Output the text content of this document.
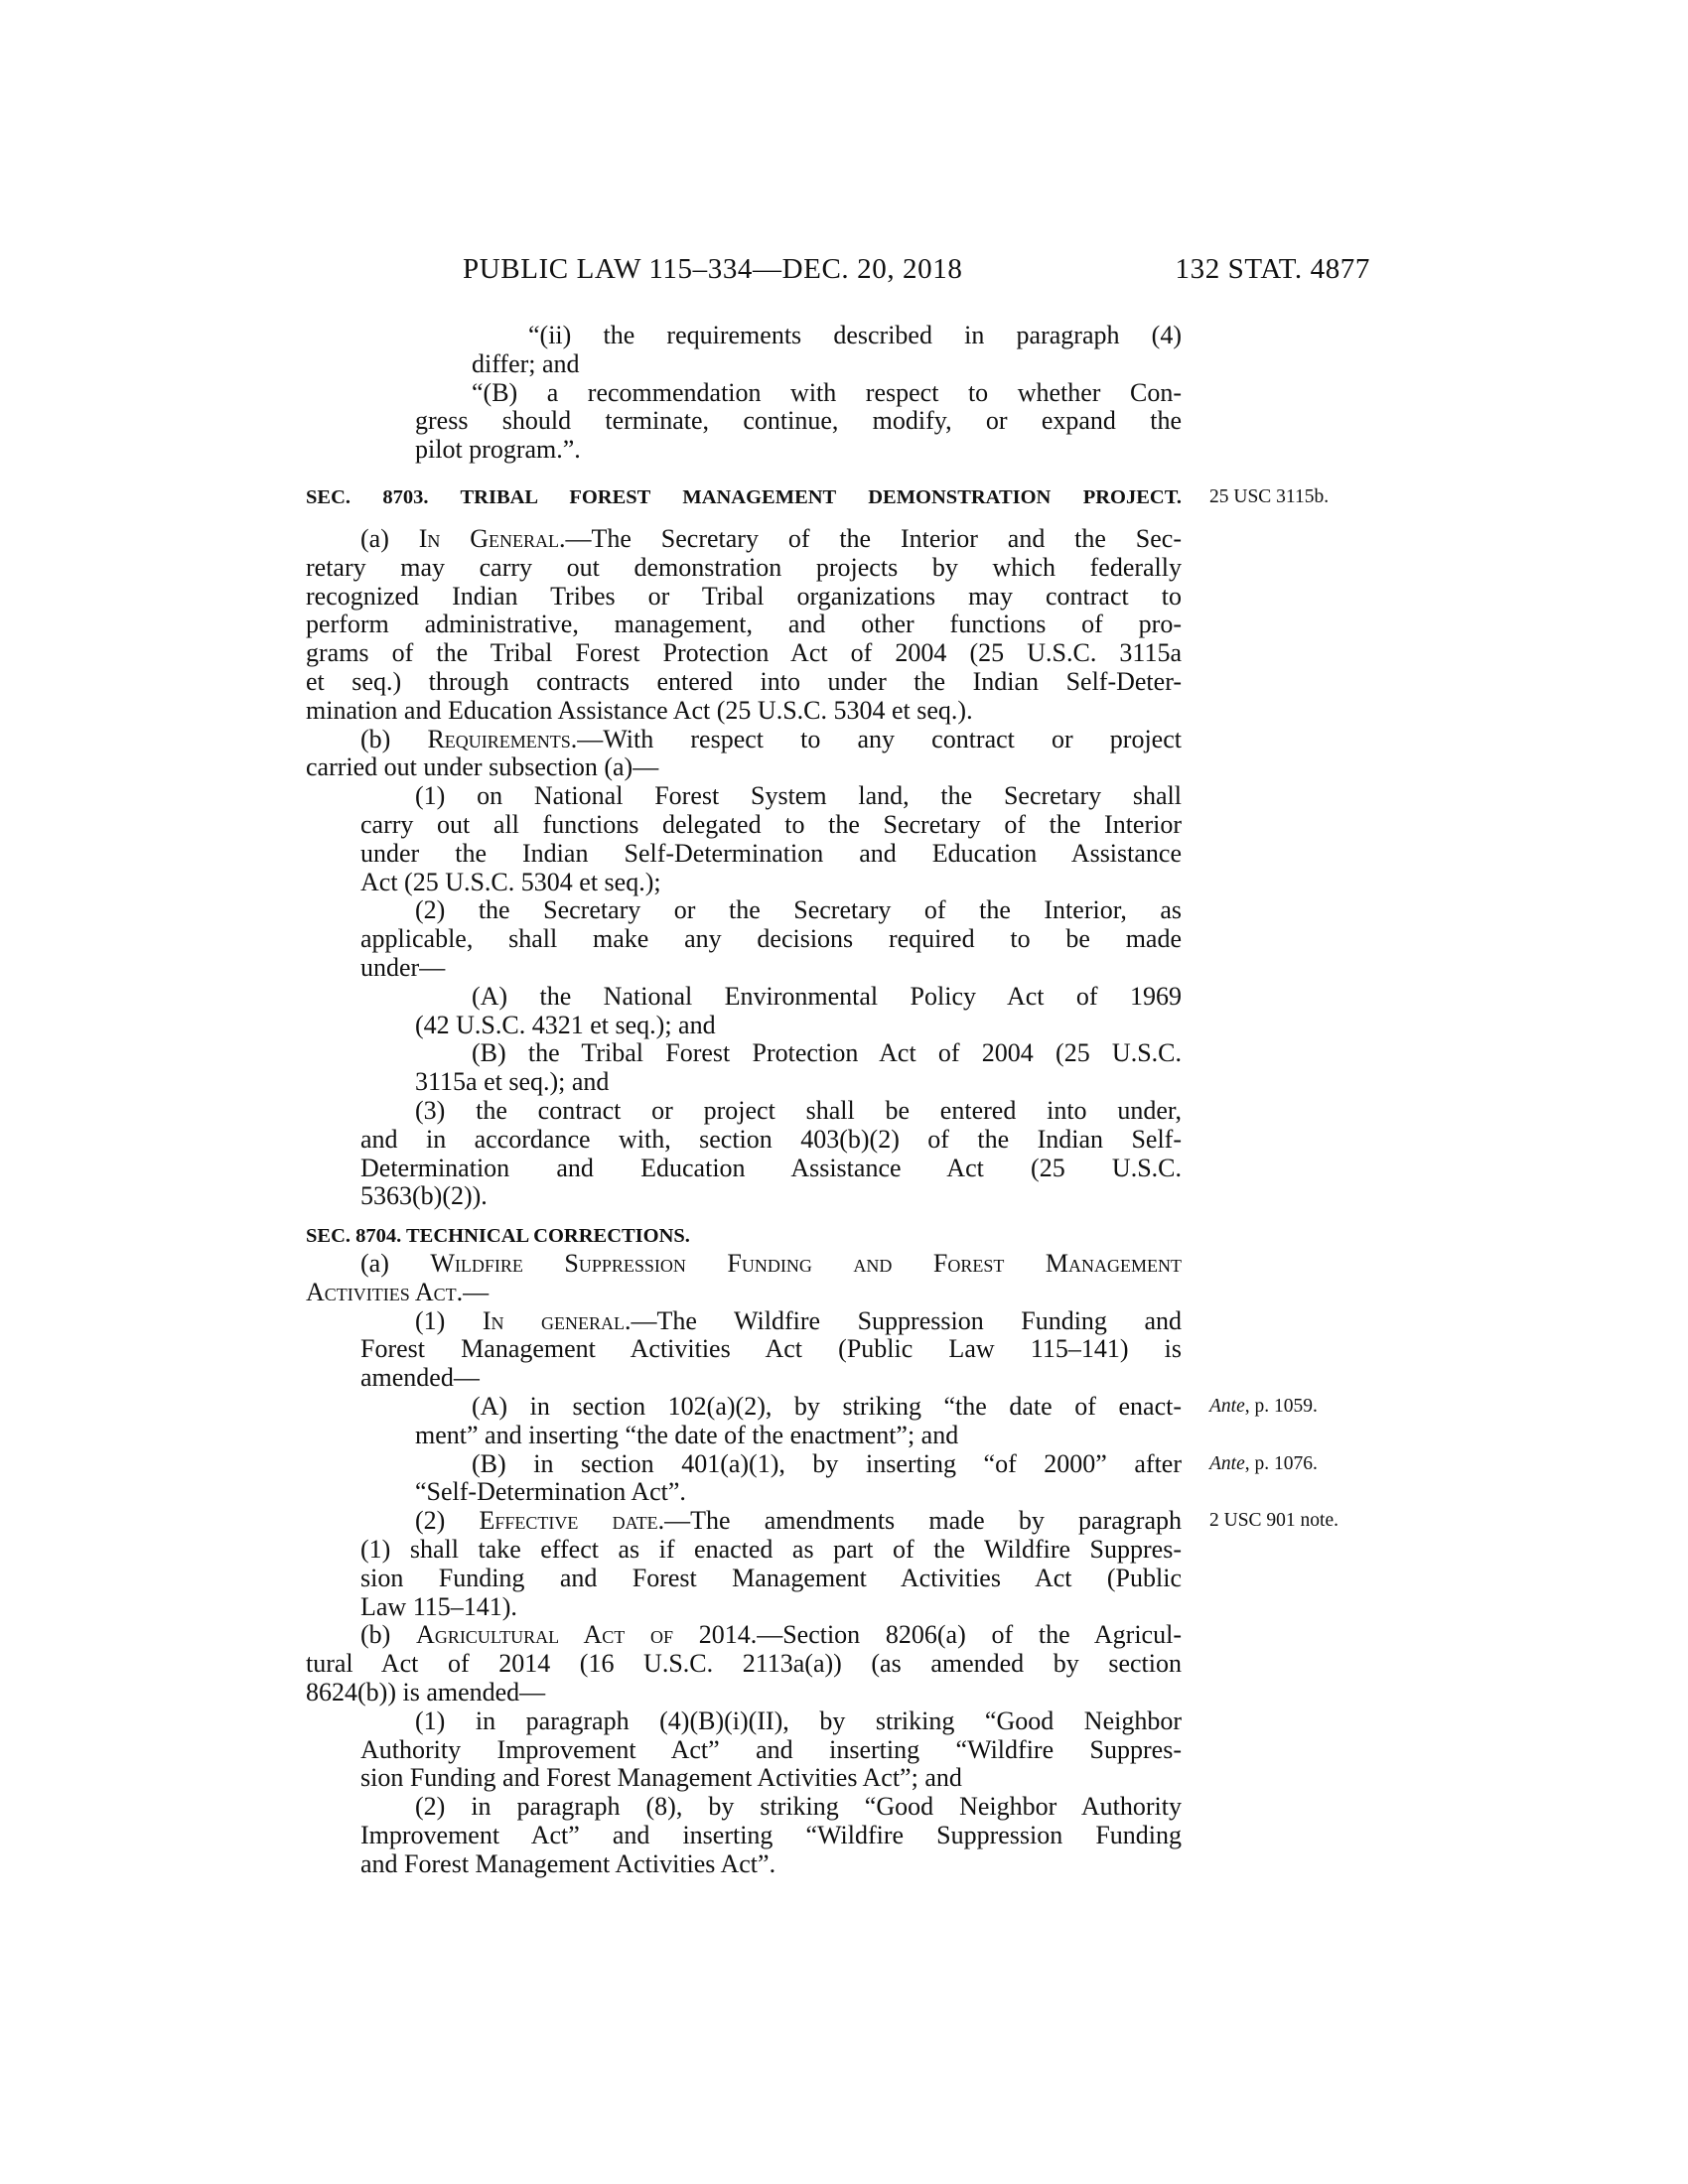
PUBLIC LAW 115–334—DEC. 20, 2018	132 STAT. 4877
“(ii) the requirements described in paragraph (4)
differ; and
“(B) a recommendation with respect to whether Con-
gress should terminate, continue, modify, or expand the
pilot program.”.
SEC. 8703. TRIBAL FOREST MANAGEMENT DEMONSTRATION PROJECT. 25 USC 3115b.
(a) In General.—The Secretary of the Interior and the Sec-
retary may carry out demonstration projects by which federally
recognized Indian Tribes or Tribal organizations may contract to
perform administrative, management, and other functions of pro-
grams of the Tribal Forest Protection Act of 2004 (25 U.S.C. 3115a
et seq.) through contracts entered into under the Indian Self-Deter-
mination and Education Assistance Act (25 U.S.C. 5304 et seq.).
(b) Requirements.—With respect to any contract or project
carried out under subsection (a)—
(1) on National Forest System land, the Secretary shall
carry out all functions delegated to the Secretary of the Interior
under the Indian Self-Determination and Education Assistance
Act (25 U.S.C. 5304 et seq.);
(2) the Secretary or the Secretary of the Interior, as
applicable, shall make any decisions required to be made
under—
(A) the National Environmental Policy Act of 1969
(42 U.S.C. 4321 et seq.); and
(B) the Tribal Forest Protection Act of 2004 (25 U.S.C.
3115a et seq.); and
(3) the contract or project shall be entered into under,
and in accordance with, section 403(b)(2) of the Indian Self-
Determination and Education Assistance Act (25 U.S.C.
5363(b)(2)).
SEC. 8704. TECHNICAL CORRECTIONS.
(a) Wildfire Suppression Funding and Forest Management
Activities Act.—
(1) In general.—The Wildfire Suppression Funding and
Forest Management Activities Act (Public Law 115–141) is
amended—
(A) in section 102(a)(2), by striking “the date of enact- Ante, p. 1059.
ment” and inserting “the date of the enactment”; and
(B) in section 401(a)(1), by inserting “of 2000” after Ante, p. 1076.
“Self-Determination Act”.
(2) Effective date.—The amendments made by paragraph 2 USC 901 note.
(1) shall take effect as if enacted as part of the Wildfire Suppres-
sion Funding and Forest Management Activities Act (Public
Law 115–141).
(b) Agricultural Act of 2014.—Section 8206(a) of the Agricul-
tural Act of 2014 (16 U.S.C. 2113a(a)) (as amended by section
8624(b)) is amended—
(1) in paragraph (4)(B)(i)(II), by striking “Good Neighbor
Authority Improvement Act” and inserting “Wildfire Suppres-
sion Funding and Forest Management Activities Act”; and
(2) in paragraph (8), by striking “Good Neighbor Authority
Improvement Act” and inserting “Wildfire Suppression Funding
and Forest Management Activities Act”.
